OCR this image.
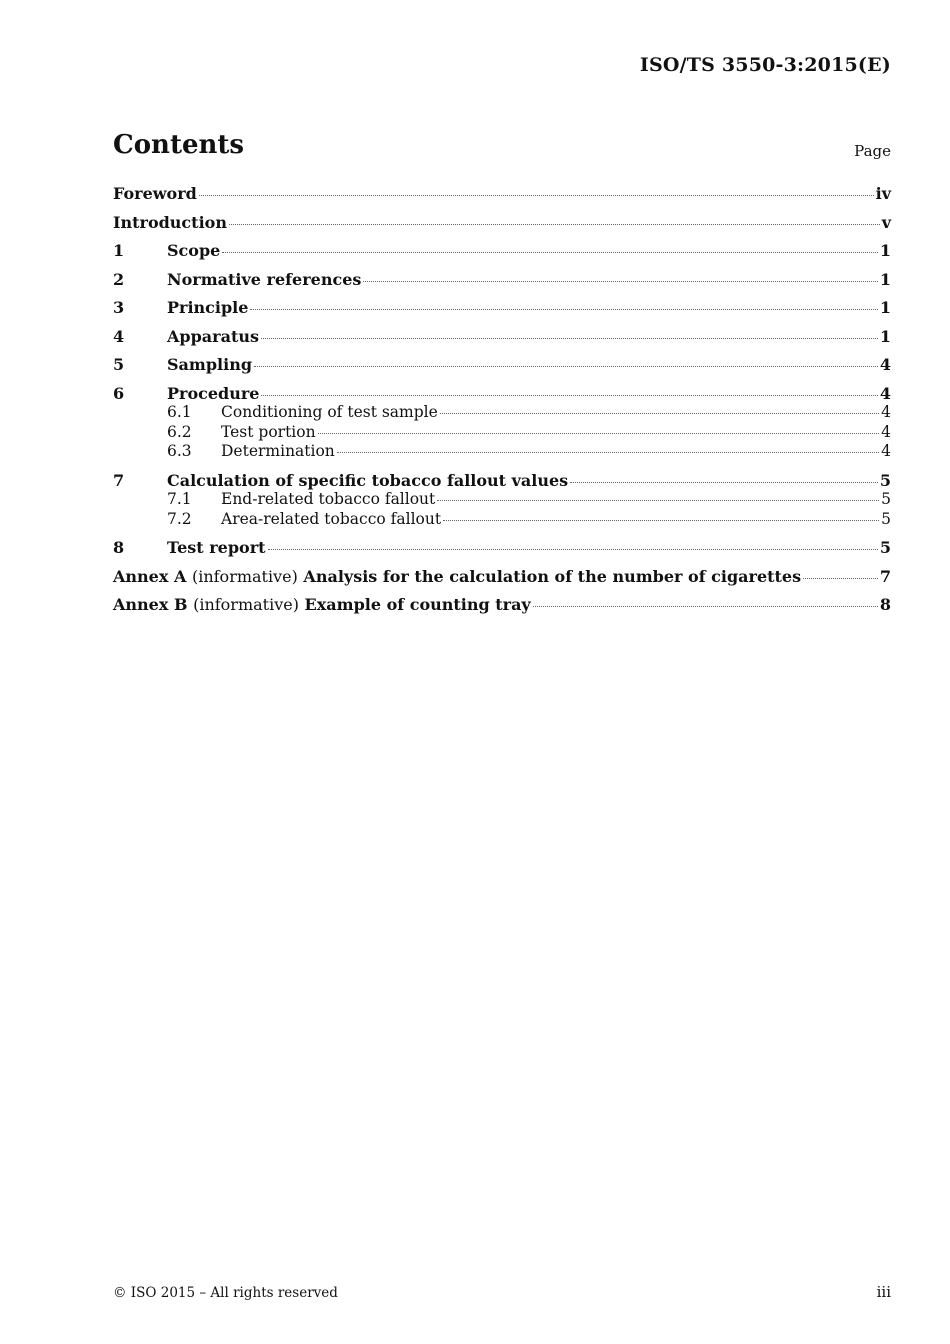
ISO/TS 3550-3:2015(E)
Contents	Page
Foreword	iv
Introduction	v
1	Scope	1
2	Normative references	1
3	Principle	1
4	Apparatus	1
5	Sampling	4
6	Procedure	4
6.1	Conditioning of test sample	4
6.2	Test portion	4
6.3	Determination	4
7	Calculation of specific tobacco fallout values	5
7.1	End-related tobacco fallout	5
7.2	Area-related tobacco fallout	5
8	Test report	5
Annex A (informative) Analysis for the calculation of the number of cigarettes	7
Annex B (informative) Example of counting tray	8
© ISO 2015 – All rights reserved	iii
